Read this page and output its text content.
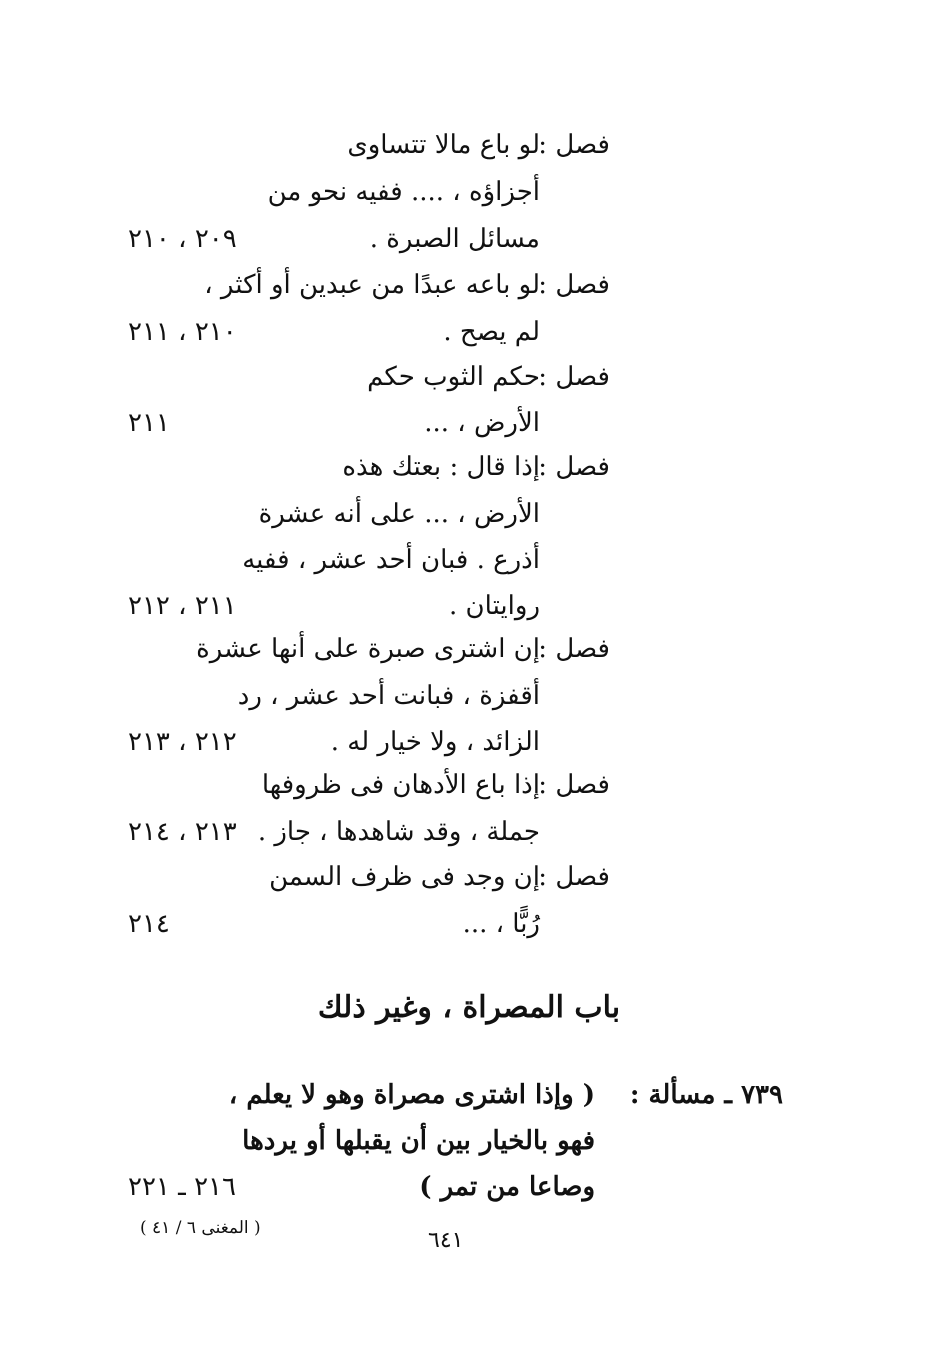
فصل :
لو باع مالا تتساوى
أجزاؤه ، .... ففيه نحو من
مسائل الصبرة .
٢٠٩ ، ٢١٠
فصل :
لو باعه عبدًا من عبدين أو أكثر ،
لم يصح .
٢١٠ ، ٢١١
فصل :
حكم الثوب حكم
الأرض ، ...
٢١١
فصل :
إذا قال : بعتك هذه
الأرض ، ... على أنه عشرة
أذرع . فبان أحد عشر ، ففيه
روايتان .
٢١١ ، ٢١٢
فصل :
إن اشترى صبرة على أنها عشرة
أقفزة ، فبانت أحد عشر ، رد
الزائد ، ولا خيار له .
٢١٢ ، ٢١٣
فصل :
إذا باع الأدهان فى ظروفها
جملة ، وقد شاهدها ، جاز .
٢١٣ ، ٢١٤
فصل :
إن وجد فى ظرف السمن
رُبًّا ، ...
٢١٤
باب المصراة ، وغير ذلك
٧٣٩ ـ مسألة :
( وإذا اشترى مصراة وهو لا يعلم ،
فهو بالخيار بين أن يقبلها أو يردها
وصاعا من تمر )
٢١٦ ـ ٢٢١
( المغنى ٦ / ٤١ )	٦٤١
